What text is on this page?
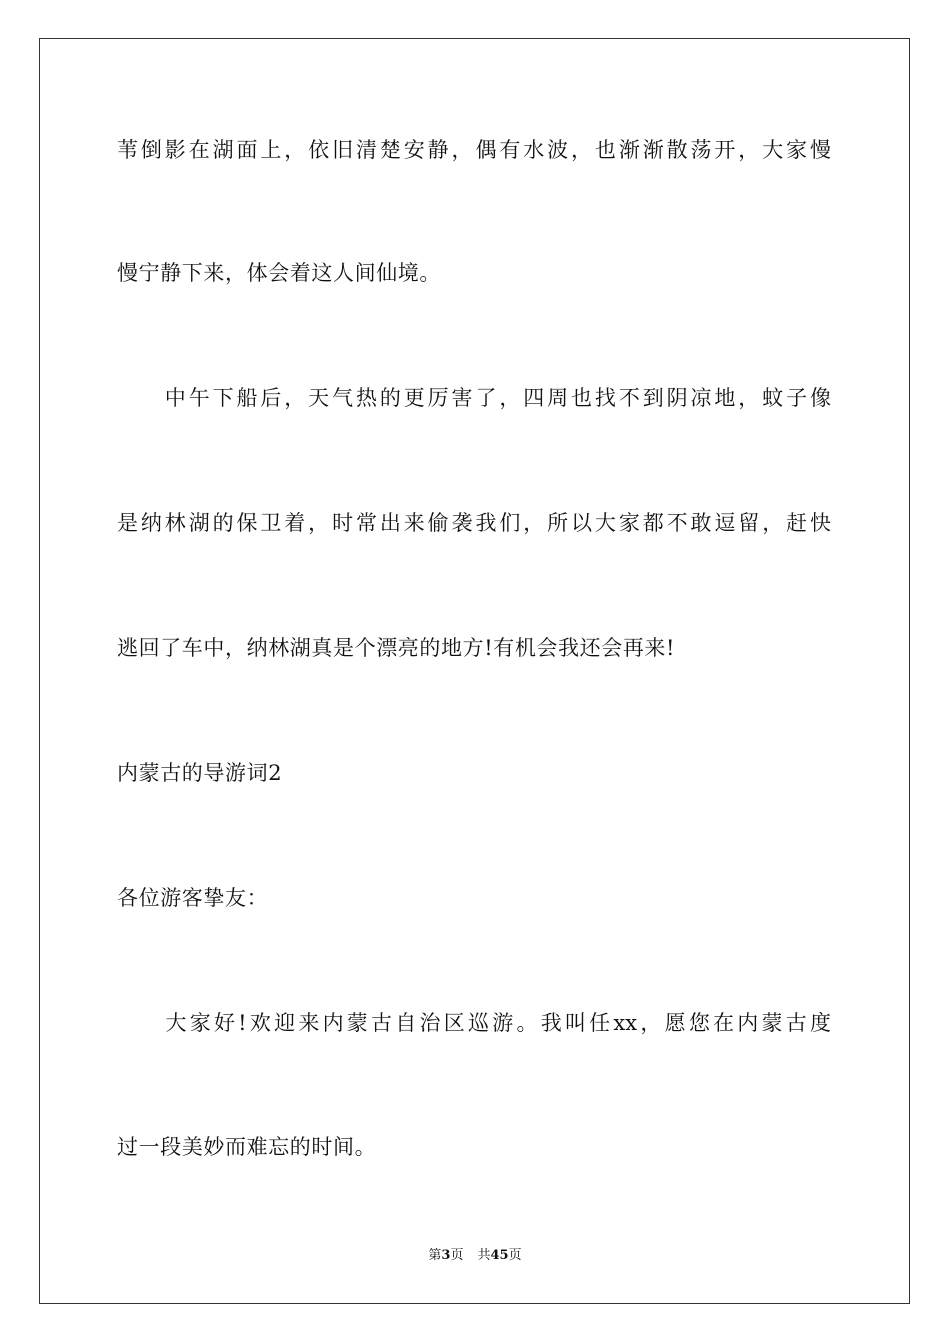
苇倒影在湖面上，依旧清楚安静，偶有水波，也渐渐散荡开，大家慢
慢宁静下来，体会着这人间仙境。
　　中午下船后，天气热的更厉害了，四周也找不到阴凉地，蚊子像
是纳林湖的保卫着，时常出来偷袭我们，所以大家都不敢逗留，赶快
逃回了车中，纳林湖真是个漂亮的地方!有机会我还会再来!
内蒙古的导游词2
各位游客挚友：
　　大家好!欢迎来内蒙古自治区巡游。我叫任xx，愿您在内蒙古度
过一段美妙而难忘的时间。
第3页 共45页
